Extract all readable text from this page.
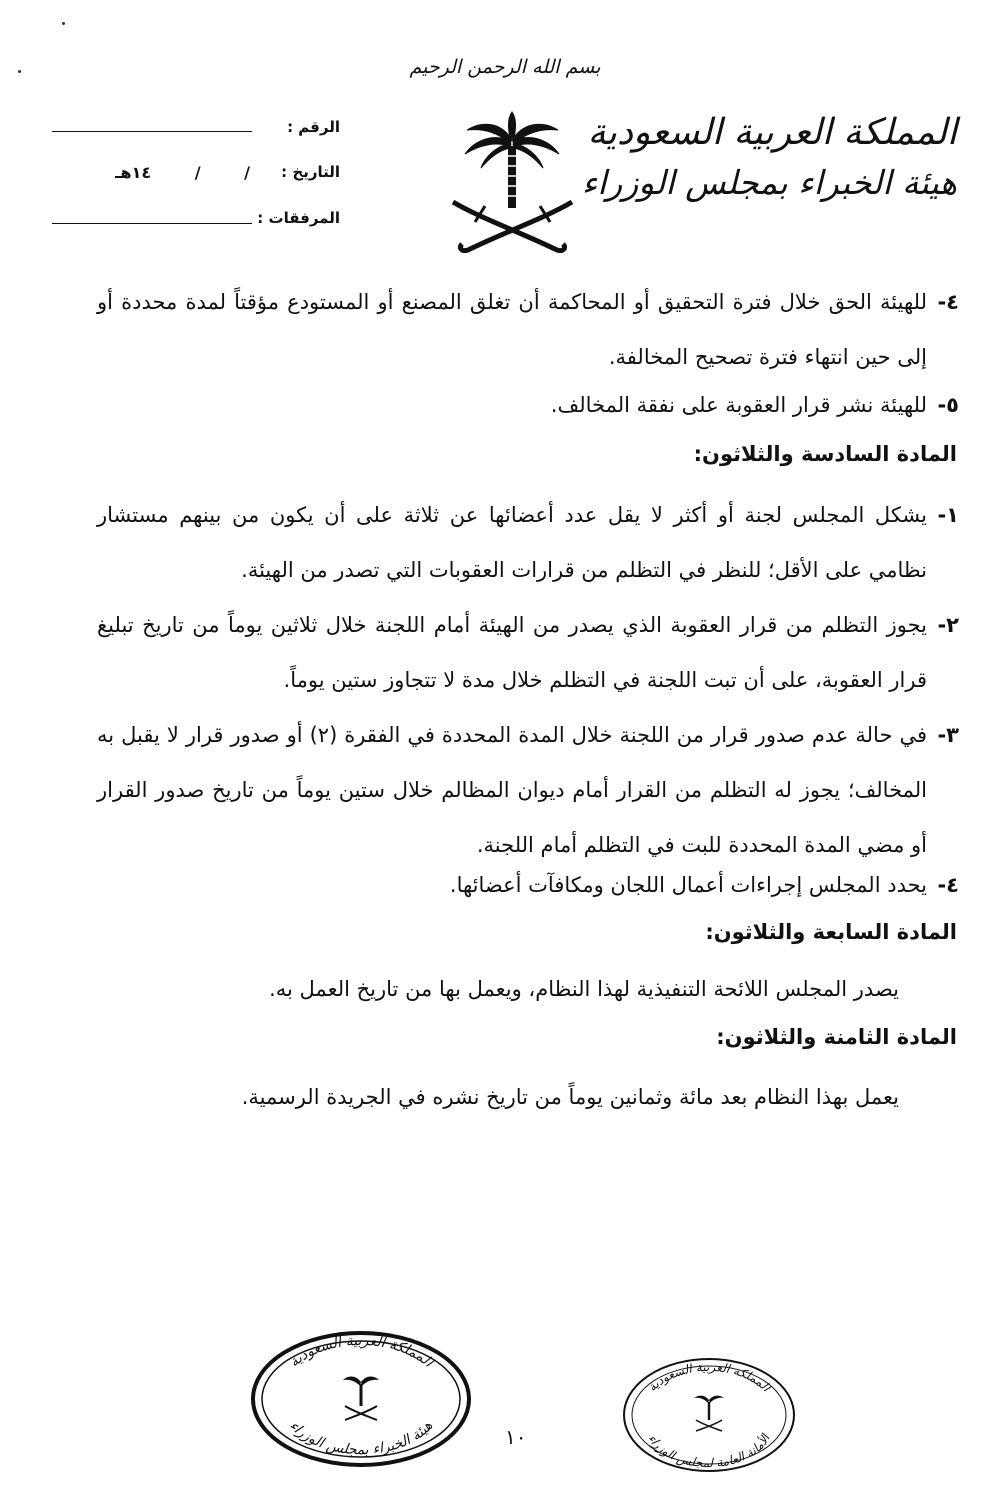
بسم الله الرحمن الرحيم
المملكة العربية السعودية
هيئة الخبراء بمجلس الوزراء
الرقم :
التاريخ :
/ / ١٤هـ
المرفقات :
٤-
للهيئة الحق خلال فترة التحقيق أو المحاكمة أن تغلق المصنع أو المستودع مؤقتاً لمدة محددة أو إلى حين انتهاء فترة تصحيح المخالفة.
٥-
للهيئة نشر قرار العقوبة على نفقة المخالف.
المادة السادسة والثلاثون:
١-
يشكل المجلس لجنة أو أكثر لا يقل عدد أعضائها عن ثلاثة على أن يكون من بينهم مستشار نظامي على الأقل؛ للنظر في التظلم من قرارات العقوبات التي تصدر من الهيئة.
٢-
يجوز التظلم من قرار العقوبة الذي يصدر من الهيئة أمام اللجنة خلال ثلاثين يوماً من تاريخ تبليغ قرار العقوبة، على أن تبت اللجنة في التظلم خلال مدة لا تتجاوز ستين يوماً.
٣-
في حالة عدم صدور قرار من اللجنة خلال المدة المحددة في الفقرة (٢) أو صدور قرار لا يقبل به المخالف؛ يجوز له التظلم من القرار أمام ديوان المظالم خلال ستين يوماً من تاريخ صدور القرار أو مضي المدة المحددة للبت في التظلم أمام اللجنة.
٤-
يحدد المجلس إجراءات أعمال اللجان ومكافآت أعضائها.
المادة السابعة والثلاثون:
يصدر المجلس اللائحة التنفيذية لهذا النظام، ويعمل بها من تاريخ العمل به.
المادة الثامنة والثلاثون:
يعمل بهذا النظام بعد مائة وثمانين يوماً من تاريخ نشره في الجريدة الرسمية.
المملكة العربية السعودية
هيئة الخبراء بمجلس الوزراء	١٠
المملكة العربية السعودية
الأمانة العامة لمجلس الوزراء
